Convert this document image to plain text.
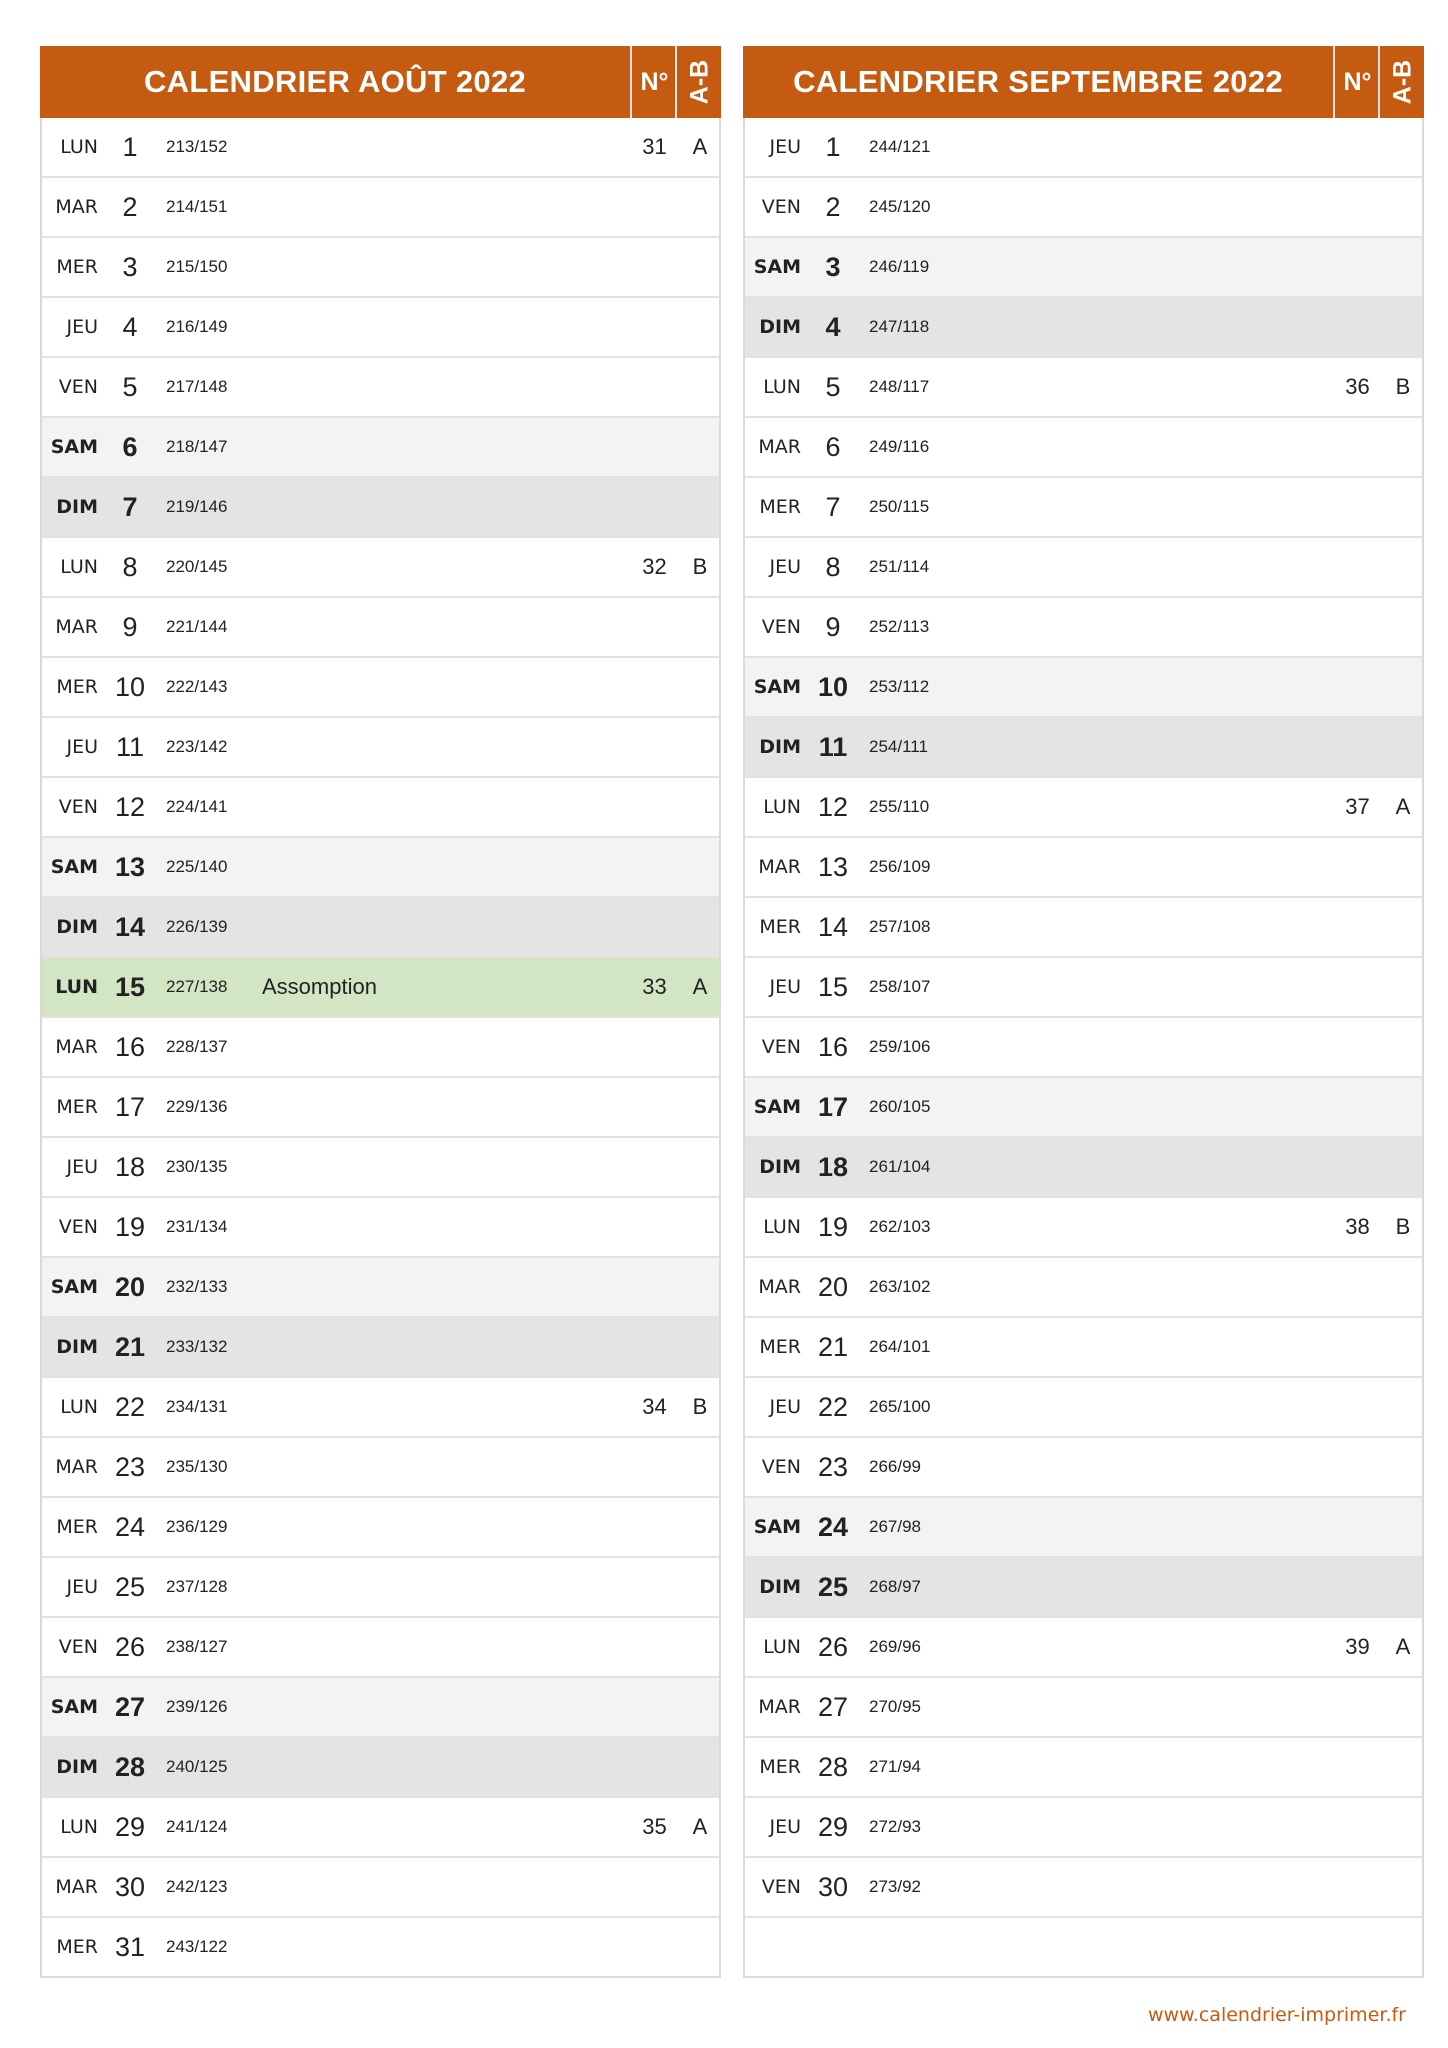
CALENDRIER AOÛT 2022	N° A-B
LUN 1	213/152	31	A
MAR 2	214/151
MER 3	215/150
JEU 4	216/149
VEN 5	217/148
SAM 6	218/147
DIM 7	219/146
LUN 8	220/145	32	B
MAR 9	221/144
MER 10	222/143
JEU 11	223/142
VEN 12	224/141
SAM 13	225/140
DIM 14	226/139
LUN 15	227/138 Assomption	33	A
MAR 16	228/137
MER 17	229/136
JEU 18	230/135
VEN 19	231/134
SAM 20	232/133
DIM 21	233/132
LUN 22	234/131	34	B
MAR 23	235/130
MER 24	236/129
JEU 25	237/128
VEN 26	238/127
SAM 27	239/126
DIM 28	240/125
LUN 29	241/124	35	A
MAR 30	242/123
MER 31	243/122
CALENDRIER SEPTEMBRE 2022	N° A-B
JEU 1	244/121
VEN 2	245/120
SAM 3	246/119
DIM 4	247/118
LUN 5	248/117	36	B
MAR 6	249/116
MER 7	250/115
JEU 8	251/114
VEN 9	252/113
SAM 10	253/112
DIM 11	254/111
LUN 12	255/110	37	A
MAR 13	256/109
MER 14	257/108
JEU 15	258/107
VEN 16	259/106
SAM 17	260/105
DIM 18	261/104
LUN 19	262/103	38	B
MAR 20	263/102
MER 21	264/101
JEU 22	265/100
VEN 23	266/99
SAM 24	267/98
DIM 25	268/97
LUN 26	269/96	39	A
MAR 27	270/95
MER 28	271/94
JEU 29	272/93
VEN 30	273/92
www.calendrier-imprimer.fr
